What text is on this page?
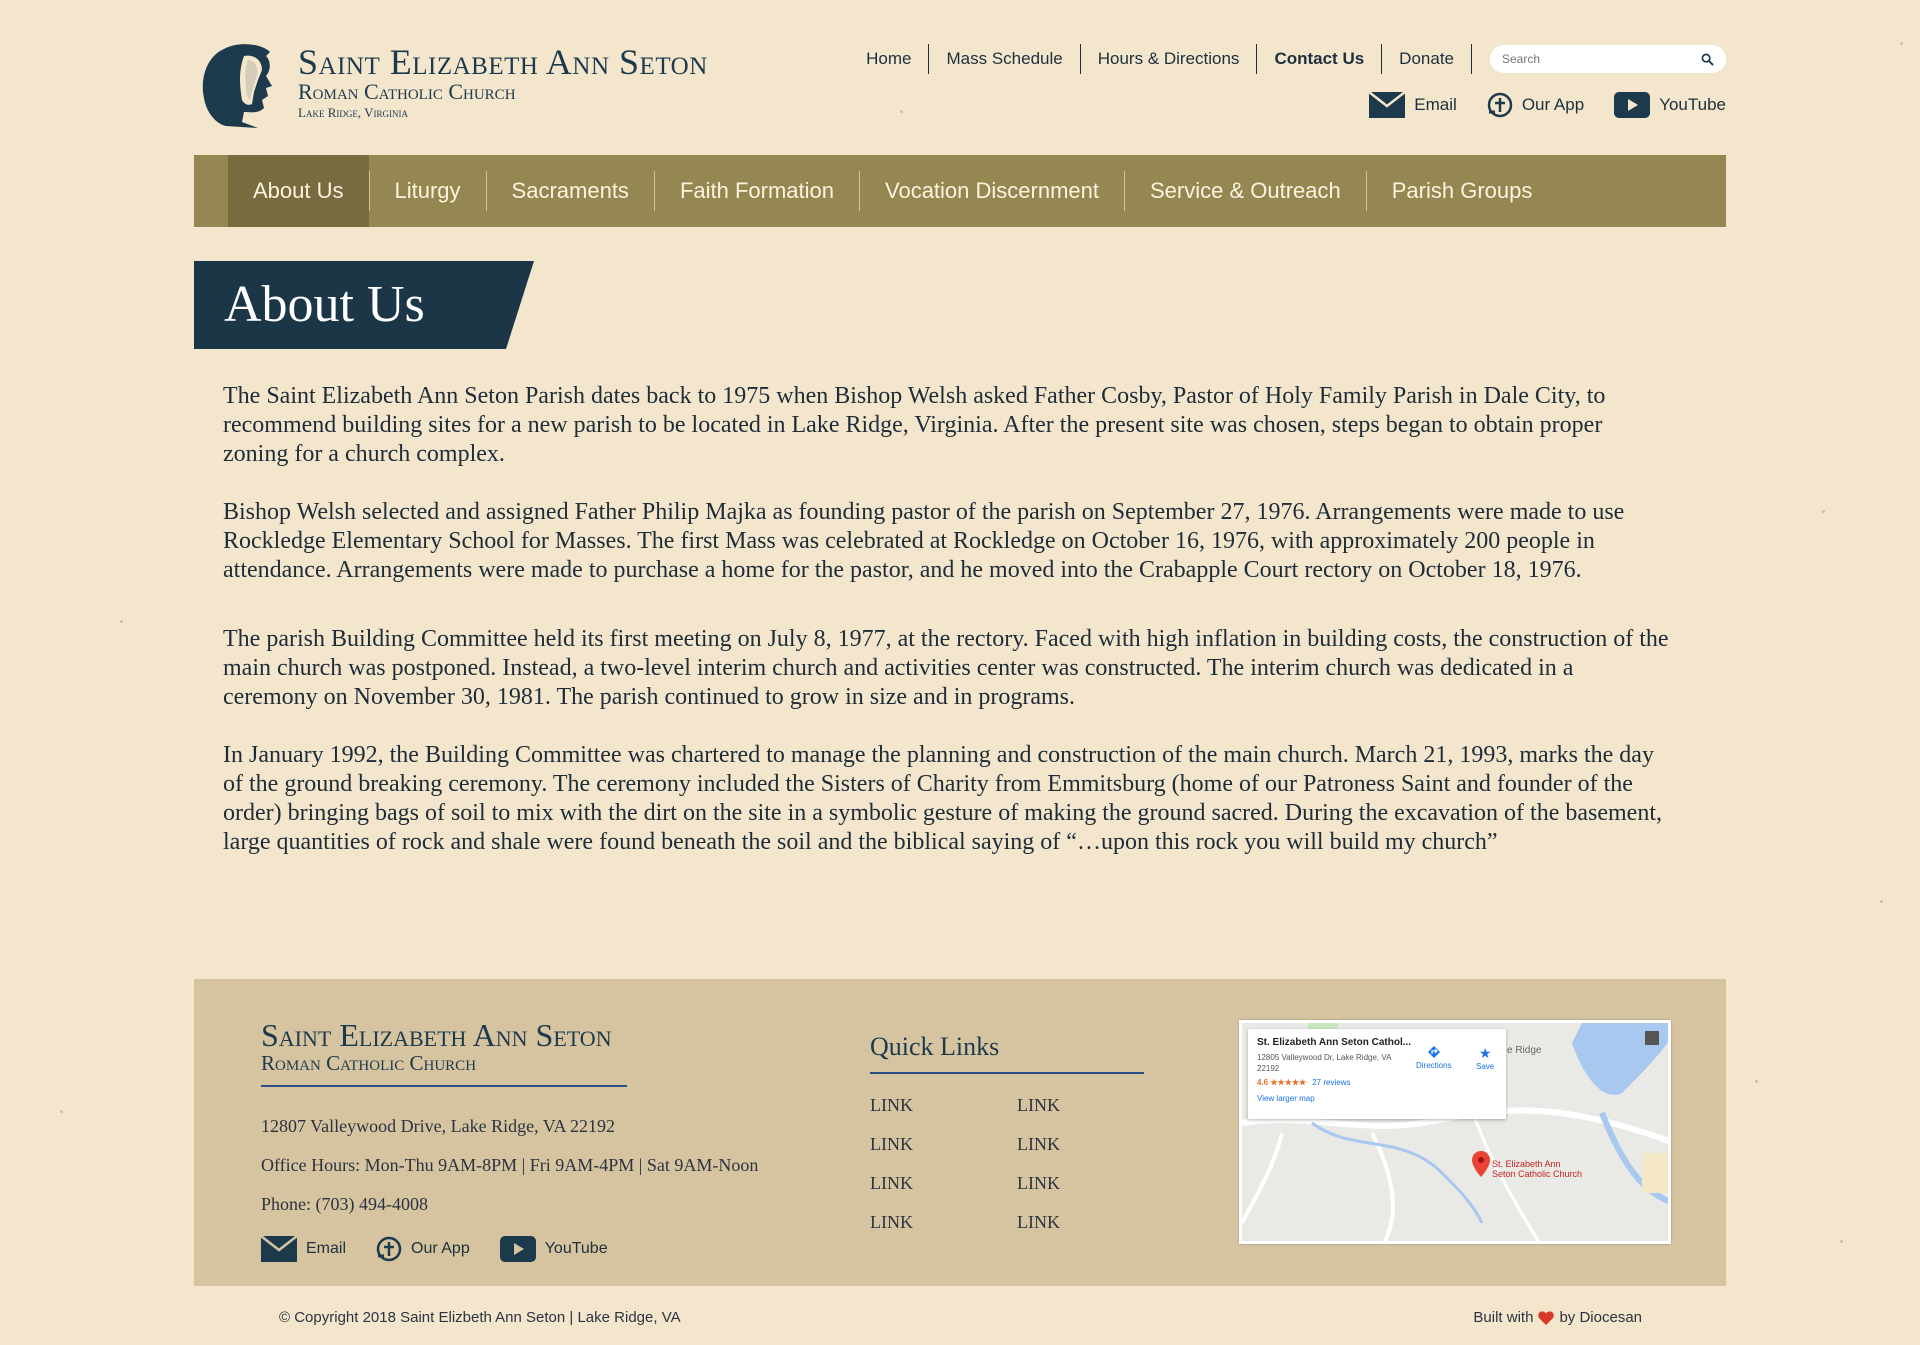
Saint Elizabeth Ann Seton
Roman Catholic Church
Lake Ridge, Virginia
Home	Mass Schedule	Hours & Directions	Contact Us	Donate
Search
Email	Our App	YouTube
About Us	Liturgy	Sacraments	Faith Formation	Vocation Discernment	Service & Outreach	Parish Groups
About Us

The Saint Elizabeth Ann Seton Parish dates back to 1975 when Bishop Welsh asked Father Cosby, Pastor of Holy Family Parish in Dale City, to recommend building sites for a new parish to be located in Lake Ridge, Virginia. After the present site was chosen, steps began to obtain proper zoning for a church complex.

Bishop Welsh selected and assigned Father Philip Majka as founding pastor of the parish on September 27, 1976. Arrangements were made to use Rockledge Elementary School for Masses. The first Mass was celebrated at Rockledge on October 16, 1976, with approximately 200 people in attendance. Arrangements were made to purchase a home for the pastor, and he moved into the Crabapple Court rectory on October 18, 1976.

The parish Building Committee held its first meeting on July 8, 1977, at the rectory. Faced with high inflation in building costs, the construction of the main church was postponed. Instead, a two-level interim church and activities center was constructed. The interim church was dedicated in a ceremony on November 30, 1981. The parish continued to grow in size and in programs.

In January 1992, the Building Committee was chartered to manage the planning and construction of the main church. March 21, 1993, marks the day of the ground breaking ceremony. The ceremony included the Sisters of Charity from Emmitsburg (home of our Patroness Saint and founder of the order) bringing bags of soil to mix with the dirt on the site in a symbolic gesture of making the ground sacred. During the excavation of the basement, large quantities of rock and shale were found beneath the soil and the biblical saying of “…upon this rock you will build my church”

Saint Elizabeth Ann Seton
Roman Catholic Church
12807 Valleywood Drive, Lake Ridge, VA 22192
Office Hours: Mon-Thu 9AM-8PM | Fri 9AM-4PM | Sat 9AM-Noon
Phone: (703) 494-4008
Email	Our App	YouTube
Quick Links
LINK	LINK
LINK	LINK
LINK	LINK
LINK	LINK
St. Elizabeth Ann Seton Cathol...
12805 Valleywood Dr, Lake Ridge, VA
22192
4.6 ★★★★★ 27 reviews
View larger map

Directions
★
Save
e Ridge
St. Elizabeth Ann
Seton Catholic Church
© Copyright 2018 Saint Elizbeth Ann Seton | Lake Ridge, VA	Built with by Diocesan
